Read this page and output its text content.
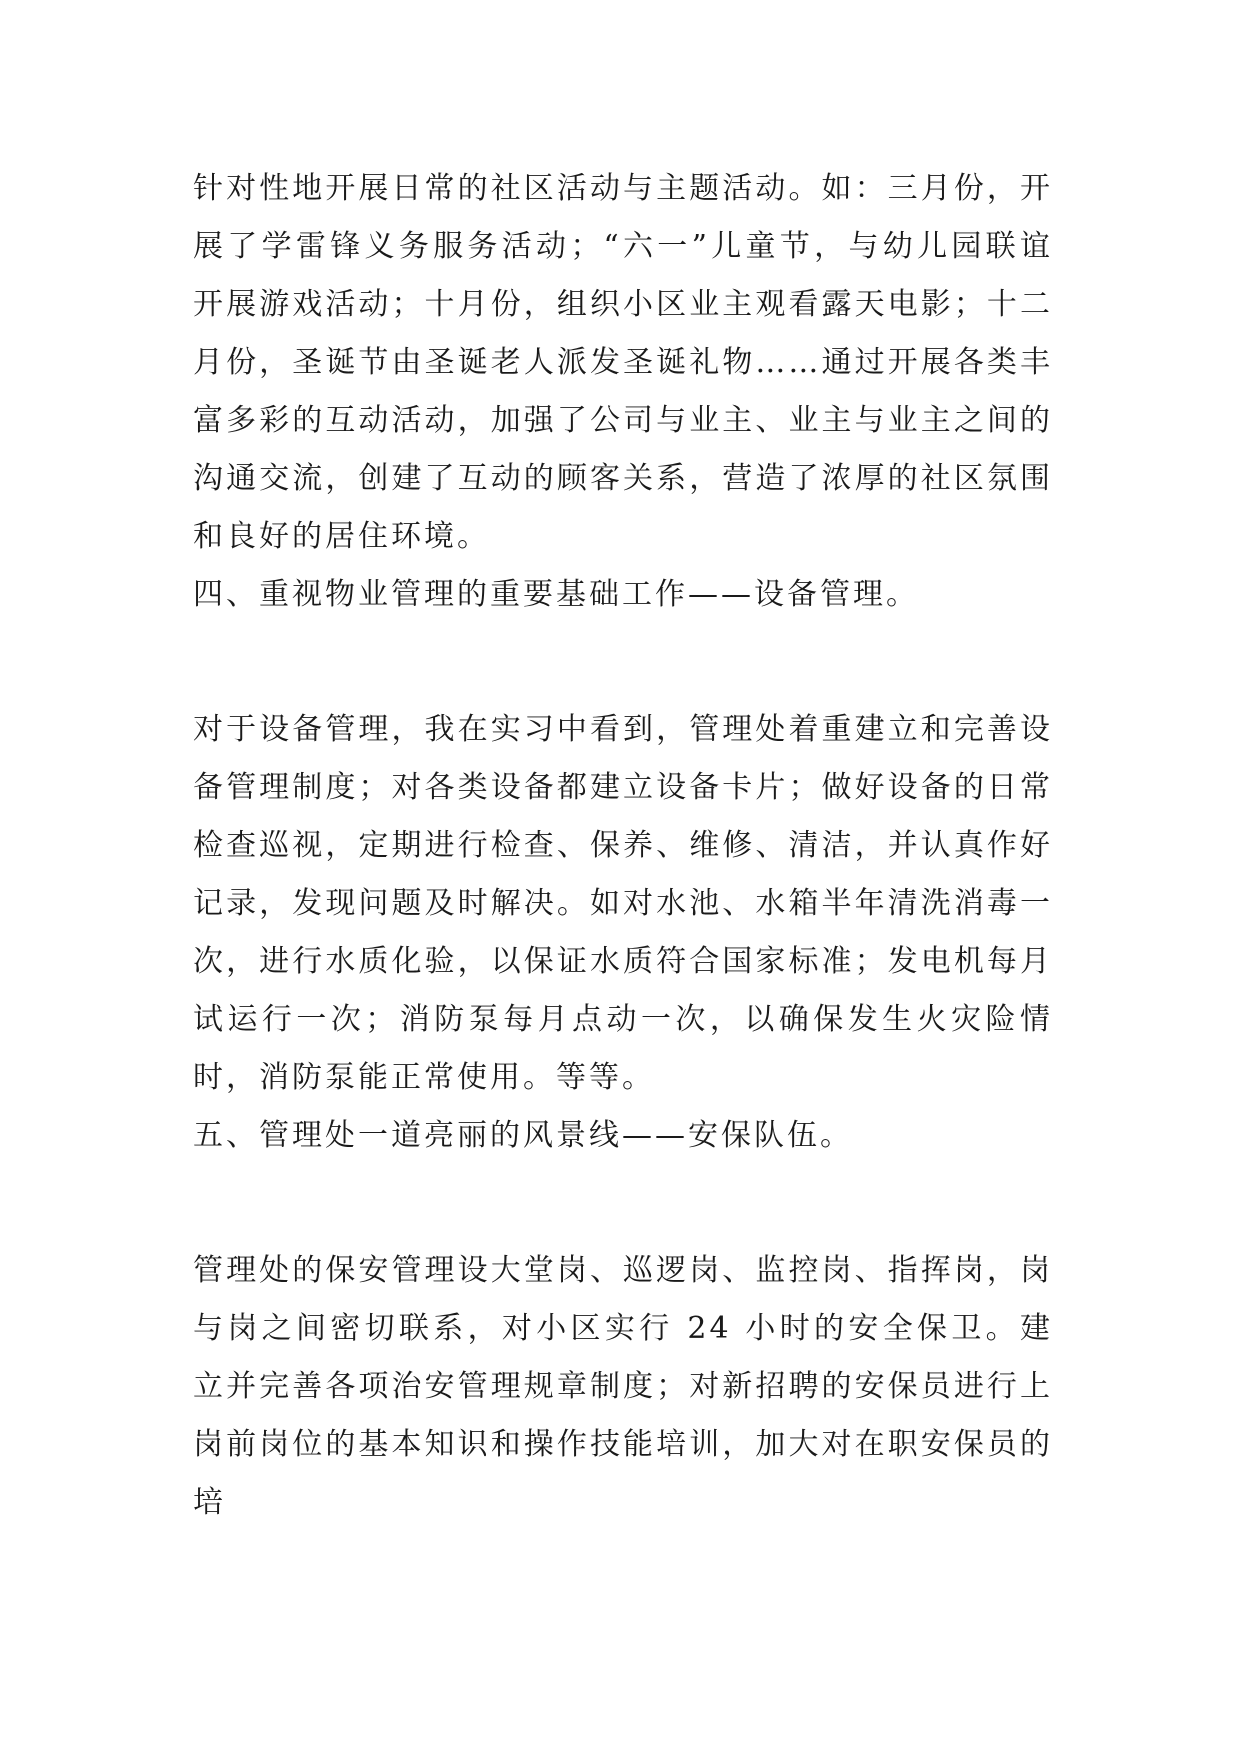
针对性地开展日常的社区活动与主题活动。如：三月份，开展了学雷锋义务服务活动；“六一”儿童节，与幼儿园联谊开展游戏活动；十月份，组织小区业主观看露天电影；十二月份，圣诞节由圣诞老人派发圣诞礼物……通过开展各类丰富多彩的互动活动，加强了公司与业主、业主与业主之间的沟通交流，创建了互动的顾客关系，营造了浓厚的社区氛围和良好的居住环境。

四、重视物业管理的重要基础工作——设备管理。

对于设备管理，我在实习中看到，管理处着重建立和完善设备管理制度；对各类设备都建立设备卡片；做好设备的日常检查巡视，定期进行检查、保养、维修、清洁，并认真作好记录，发现问题及时解决。如对水池、水箱半年清洗消毒一次，进行水质化验，以保证水质符合国家标准；发电机每月试运行一次；消防泵每月点动一次，以确保发生火灾险情时，消防泵能正常使用。等等。

五、管理处一道亮丽的风景线——安保队伍。

管理处的保安管理设大堂岗、巡逻岗、监控岗、指挥岗，岗与岗之间密切联系，对小区实行 24 小时的安全保卫。建立并完善各项治安管理规章制度；对新招聘的安保员进行上岗前岗位的基本知识和操作技能培训，加大对在职安保员的培
